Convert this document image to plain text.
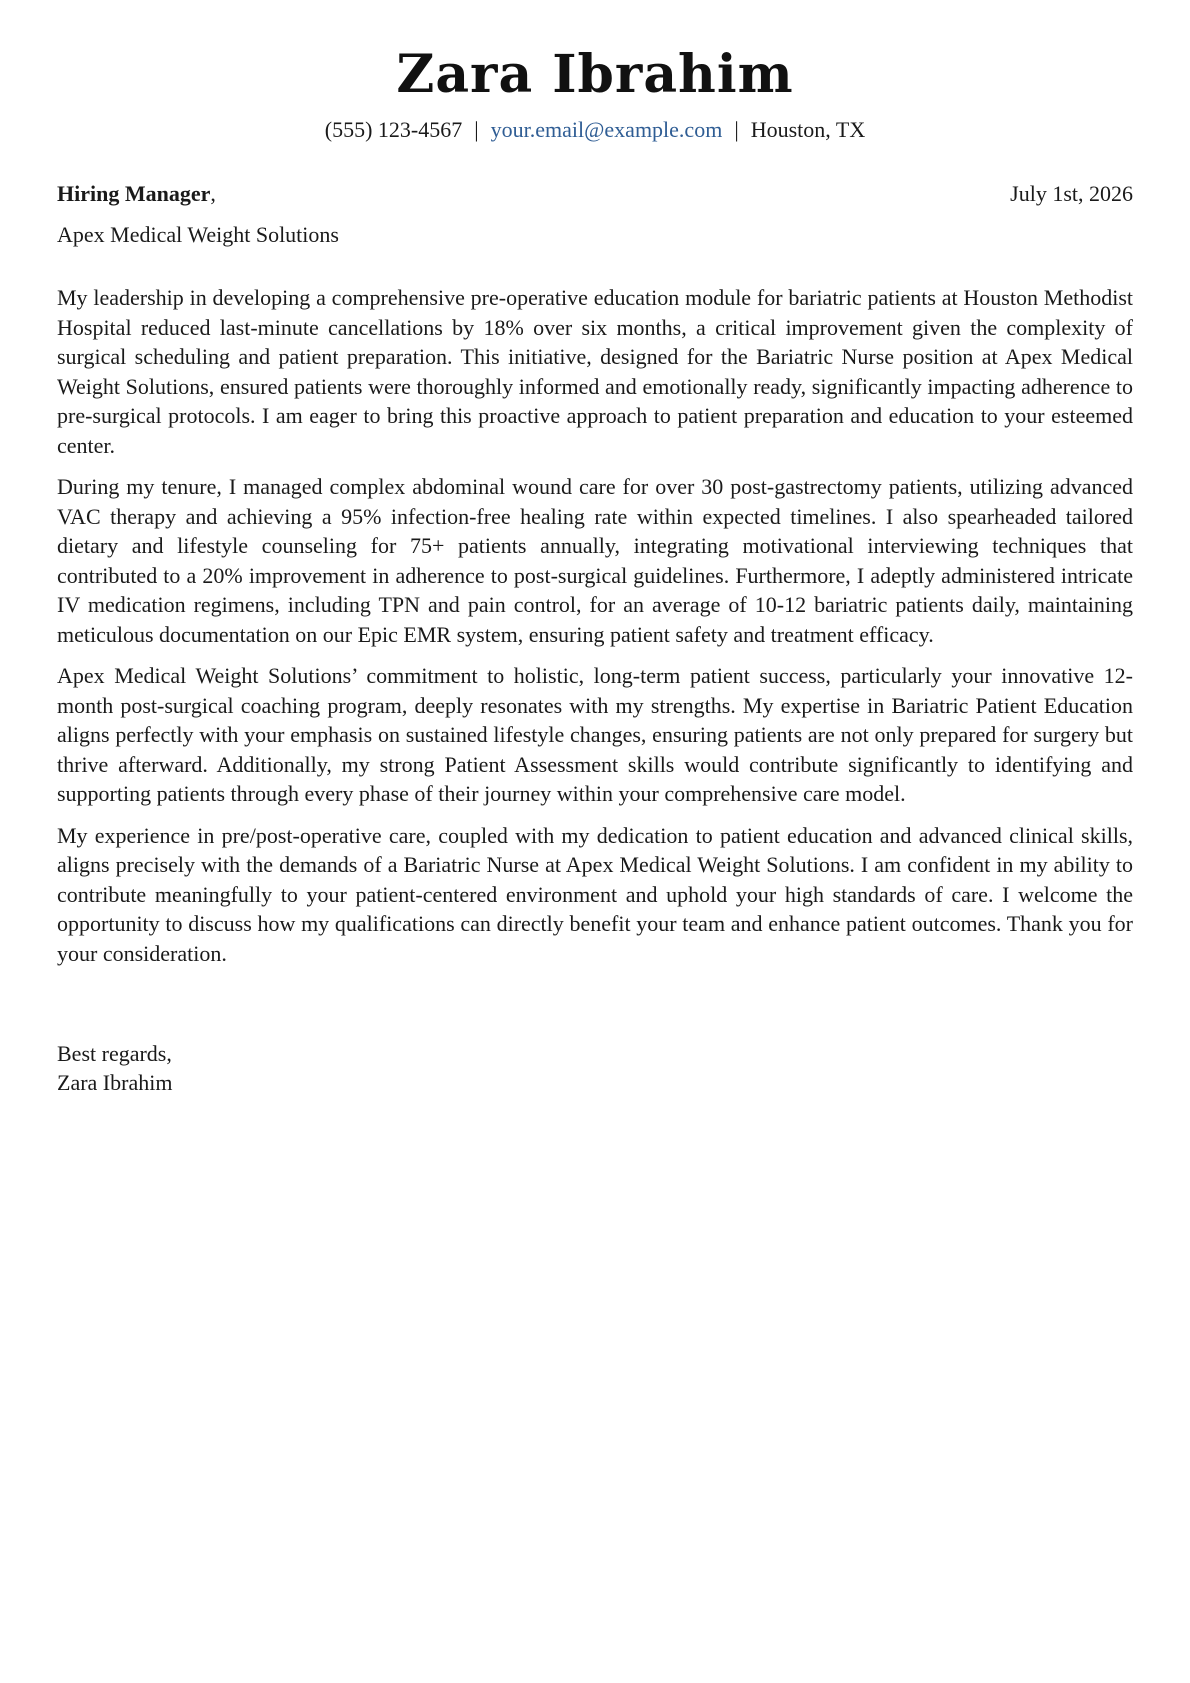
Zara Ibrahim
(555) 123-4567 | your.email@example.com | Houston, TX
Hiring Manager,	July 1st, 2026
Apex Medical Weight Solutions

My leadership in developing a comprehensive pre-operative education module for bariatric patients at Houston Methodist Hospital reduced last-minute cancellations by 18% over six months, a critical improvement given the complexity of surgical scheduling and patient preparation. This initiative, designed for the Bariatric Nurse position at Apex Medical Weight Solutions, ensured patients were thoroughly informed and emotionally ready, significantly impacting adherence to pre-surgical protocols. I am eager to bring this proactive approach to patient preparation and education to your esteemed center.

During my tenure, I managed complex abdominal wound care for over 30 post-gastrectomy patients, utilizing advanced VAC therapy and achieving a 95% infection-free healing rate within expected timelines. I also spearheaded tailored dietary and lifestyle counseling for 75+ patients annually, integrating motivational interviewing techniques that contributed to a 20% improvement in adherence to post-surgical guidelines. Furthermore, I adeptly administered intricate IV medication regimens, including TPN and pain control, for an average of 10-12 bariatric patients daily, maintaining meticulous documentation on our Epic EMR system, ensuring patient safety and treatment efficacy.

Apex Medical Weight Solutions’ commitment to holistic, long-term patient success, particularly your innovative 12-month post-surgical coaching program, deeply resonates with my strengths. My expertise in Bariatric Patient Education aligns perfectly with your emphasis on sustained lifestyle changes, ensuring patients are not only prepared for surgery but thrive afterward. Additionally, my strong Patient Assessment skills would contribute significantly to identifying and supporting patients through every phase of their journey within your comprehensive care model.

My experience in pre/post-operative care, coupled with my dedication to patient education and advanced clinical skills, aligns precisely with the demands of a Bariatric Nurse at Apex Medical Weight Solutions. I am confident in my ability to contribute meaningfully to your patient-centered environment and uphold your high standards of care. I welcome the opportunity to discuss how my qualifications can directly benefit your team and enhance patient outcomes. Thank you for your consideration.

Best regards,
Zara Ibrahim
